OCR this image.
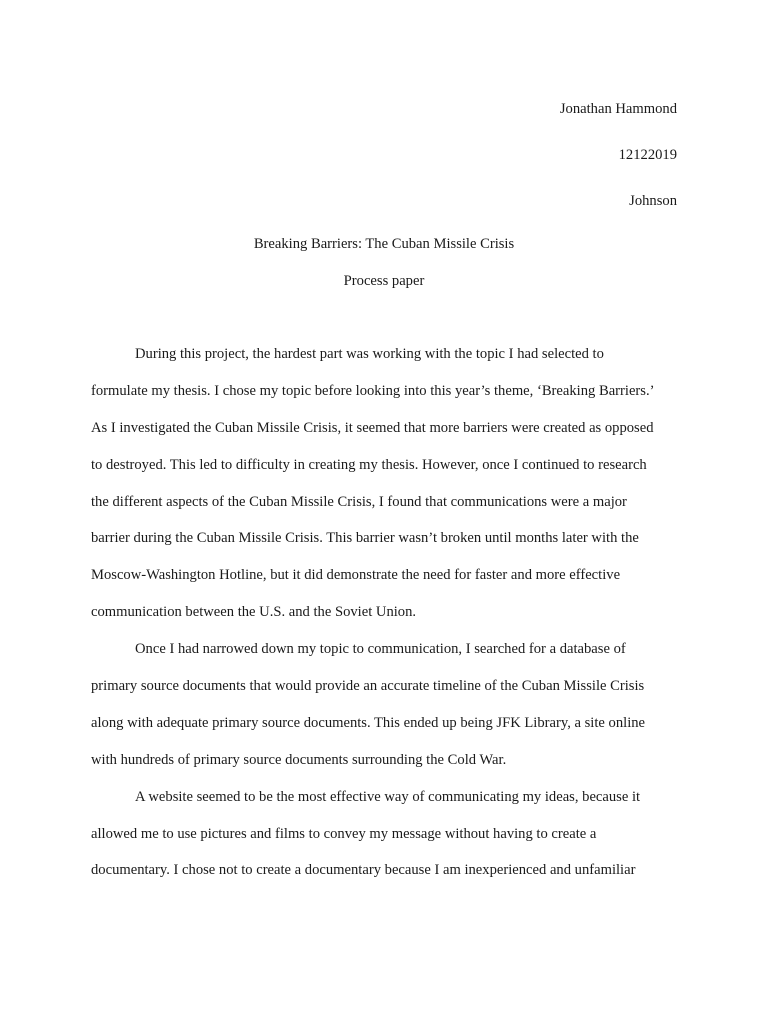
Jonathan Hammond
12122019
Johnson
Breaking Barriers: The Cuban Missile Crisis
Process paper
During this project, the hardest part was working with the topic I had selected to
formulate my thesis. I chose my topic before looking into this year’s theme, ‘Breaking Barriers.’
As I investigated the Cuban Missile Crisis, it seemed that more barriers were created as opposed
to destroyed. This led to difficulty in creating my thesis. However, once I continued to research
the different aspects of the Cuban Missile Crisis, I found that communications were a major
barrier during the Cuban Missile Crisis. This barrier wasn’t broken until months later with the
Moscow-Washington Hotline, but it did demonstrate the need for faster and more effective
communication between the U.S. and the Soviet Union.
Once I had narrowed down my topic to communication, I searched for a database of
primary source documents that would provide an accurate timeline of the Cuban Missile Crisis
along with adequate primary source documents. This ended up being JFK Library, a site online
with hundreds of primary source documents surrounding the Cold War.
A website seemed to be the most effective way of communicating my ideas, because it
allowed me to use pictures and films to convey my message without having to create a
documentary. I chose not to create a documentary because I am inexperienced and unfamiliar
